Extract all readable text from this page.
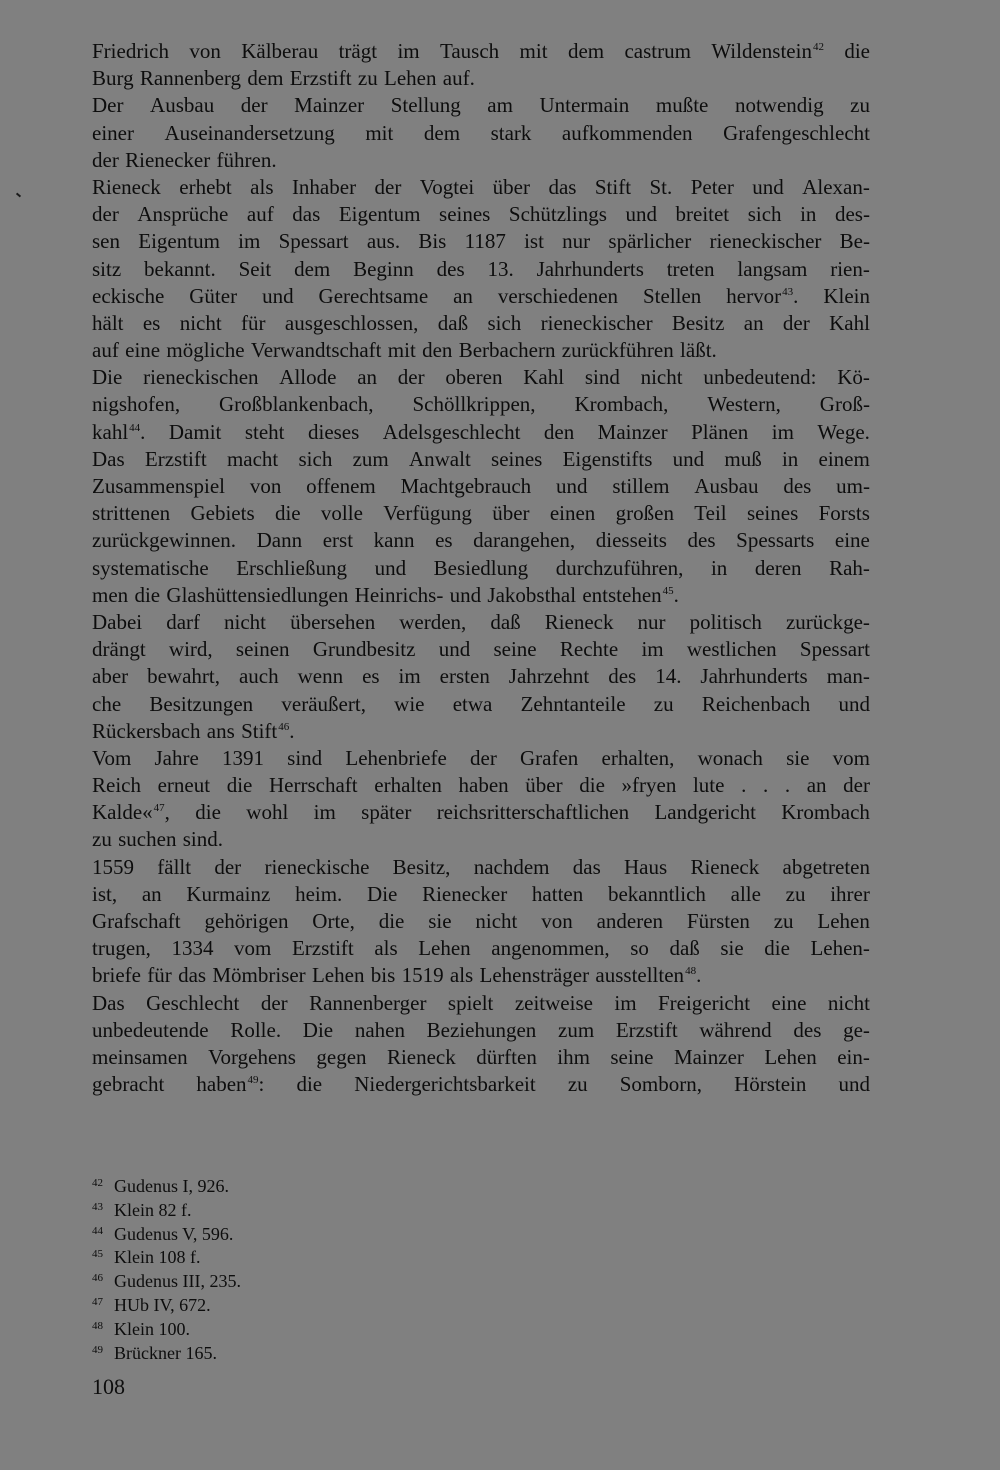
Friedrich von Kälberau trägt im Tausch mit dem castrum Wildenstein$^{42}$ die
Burg Rannenberg dem Erzstift zu Lehen auf.
Der Ausbau der Mainzer Stellung am Untermain mußte notwendig zu
einer Auseinandersetzung mit dem stark aufkommenden Grafengeschlecht
der Rienecker führen.
Rieneck erhebt als Inhaber der Vogtei über das Stift St. Peter und Alexan-
der Ansprüche auf das Eigentum seines Schützlings und breitet sich in des-
sen Eigentum im Spessart aus. Bis 1187 ist nur spärlicher rieneckischer Be-
sitz bekannt. Seit dem Beginn des 13. Jahrhunderts treten langsam rien-
eckische Güter und Gerechtsame an verschiedenen Stellen hervor$^{43}$. Klein
hält es nicht für ausgeschlossen, daß sich rieneckischer Besitz an der Kahl
auf eine mögliche Verwandtschaft mit den Berbachern zurückführen läßt.
Die rieneckischen Allode an der oberen Kahl sind nicht unbedeutend: Kö-
nigshofen, Großblankenbach, Schöllkrippen, Krombach, Western, Groß-
kahl$^{44}$. Damit steht dieses Adelsgeschlecht den Mainzer Plänen im Wege.
Das Erzstift macht sich zum Anwalt seines Eigenstifts und muß in einem
Zusammenspiel von offenem Machtgebrauch und stillem Ausbau des um-
strittenen Gebiets die volle Verfügung über einen großen Teil seines Forsts
zurückgewinnen. Dann erst kann es darangehen, diesseits des Spessarts eine
systematische Erschließung und Besiedlung durchzuführen, in deren Rah-
men die Glashüttensiedlungen Heinrichs- und Jakobsthal entstehen$^{45}$.
Dabei darf nicht übersehen werden, daß Rieneck nur politisch zurückge-
drängt wird, seinen Grundbesitz und seine Rechte im westlichen Spessart
aber bewahrt, auch wenn es im ersten Jahrzehnt des 14. Jahrhunderts man-
che Besitzungen veräußert, wie etwa Zehntanteile zu Reichenbach und
Rückersbach ans Stift$^{46}$.
Vom Jahre 1391 sind Lehenbriefe der Grafen erhalten, wonach sie vom
Reich erneut die Herrschaft erhalten haben über die »fryen lute . . . an der
Kalde«$^{47}$, die wohl im später reichsritterschaftlichen Landgericht Krombach
zu suchen sind.
1559 fällt der rieneckische Besitz, nachdem das Haus Rieneck abgetreten
ist, an Kurmainz heim. Die Rienecker hatten bekanntlich alle zu ihrer
Grafschaft gehörigen Orte, die sie nicht von anderen Fürsten zu Lehen
trugen, 1334 vom Erzstift als Lehen angenommen, so daß sie die Lehen-
briefe für das Mömbriser Lehen bis 1519 als Lehensträger ausstellten$^{48}$.
Das Geschlecht der Rannenberger spielt zeitweise im Freigericht eine nicht
unbedeutende Rolle. Die nahen Beziehungen zum Erzstift während des ge-
meinsamen Vorgehens gegen Rieneck dürften ihm seine Mainzer Lehen ein-
gebracht haben$^{49}$: die Niedergerichtsbarkeit zu Somborn, Hörstein und
42 Gudenus I, 926.
43 Klein 82 f.
44 Gudenus V, 596.
45 Klein 108 f.
46 Gudenus III, 235.
47 HUb IV, 672.
48 Klein 100.
49 Brückner 165.
108
